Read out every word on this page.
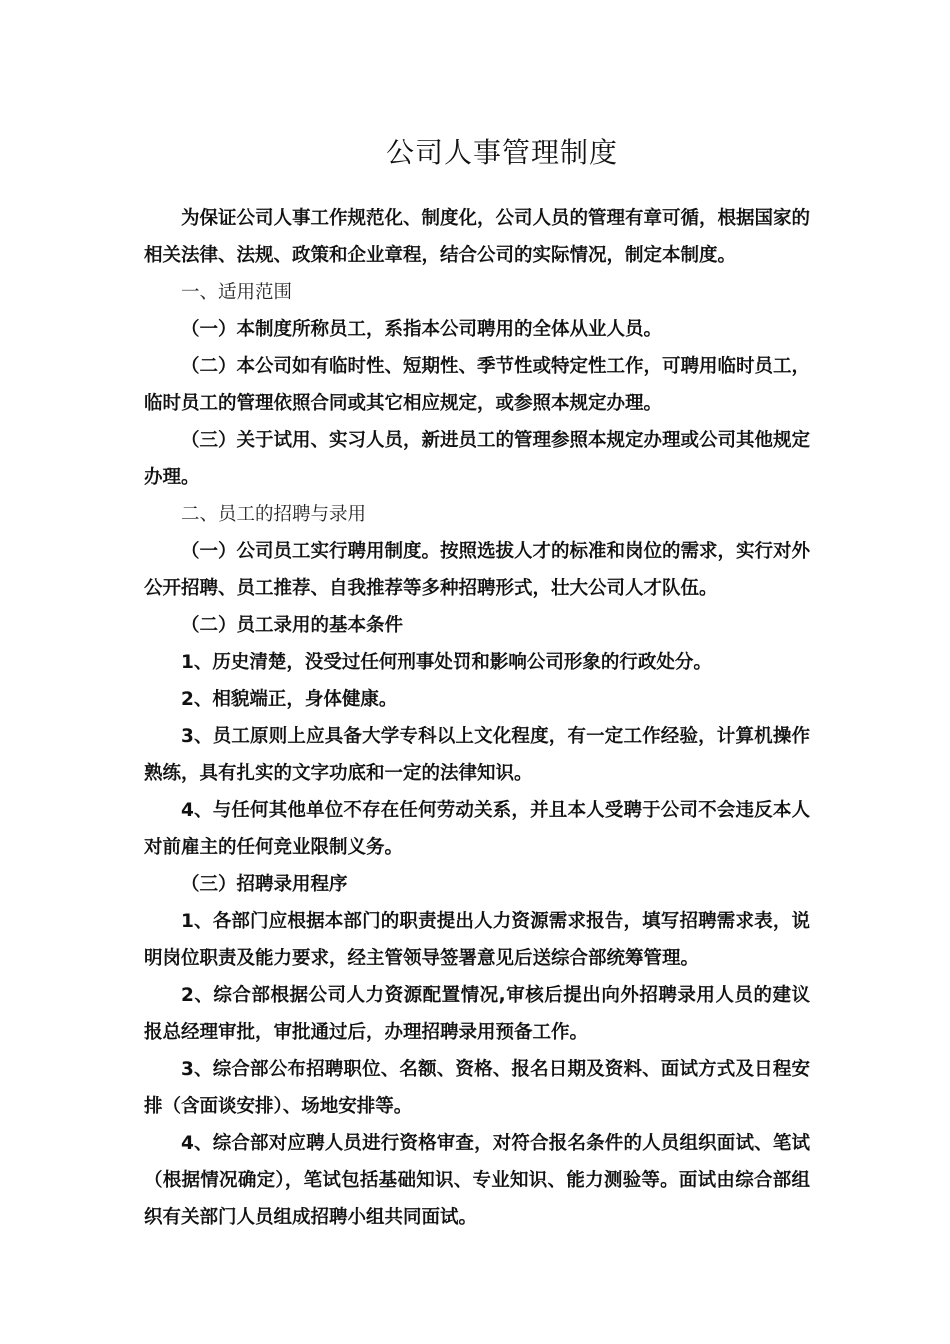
公司人事管理制度

为保证公司人事工作规范化、制度化，公司人员的管理有章可循，根据国家的相关法律、法规、政策和企业章程，结合公司的实际情况，制定本制度。

一、适用范围

（一）本制度所称员工，系指本公司聘用的全体从业人员。

（二）本公司如有临时性、短期性、季节性或特定性工作，可聘用临时员工，临时员工的管理依照合同或其它相应规定，或参照本规定办理。

（三）关于试用、实习人员，新进员工的管理参照本规定办理或公司其他规定办理。

二、员工的招聘与录用

（一）公司员工实行聘用制度。按照选拔人才的标准和岗位的需求，实行对外公开招聘、员工推荐、自我推荐等多种招聘形式，壮大公司人才队伍。

（二）员工录用的基本条件

1、历史清楚，没受过任何刑事处罚和影响公司形象的行政处分。

2、相貌端正，身体健康。

3、员工原则上应具备大学专科以上文化程度，有一定工作经验，计算机操作熟练，具有扎实的文字功底和一定的法律知识。

4、与任何其他单位不存在任何劳动关系，并且本人受聘于公司不会违反本人对前雇主的任何竞业限制义务。

（三）招聘录用程序

1、各部门应根据本部门的职责提出人力资源需求报告，填写招聘需求表，说明岗位职责及能力要求，经主管领导签署意见后送综合部统筹管理。

2、综合部根据公司人力资源配置情况,审核后提出向外招聘录用人员的建议报总经理审批，审批通过后，办理招聘录用预备工作。

3、综合部公布招聘职位、名额、资格、报名日期及资料、面试方式及日程安排（含面谈安排）、场地安排等。

4、综合部对应聘人员进行资格审查，对符合报名条件的人员组织面试、笔试（根据情况确定），笔试包括基础知识、专业知识、能力测验等。面试由综合部组织有关部门人员组成招聘小组共同面试。
